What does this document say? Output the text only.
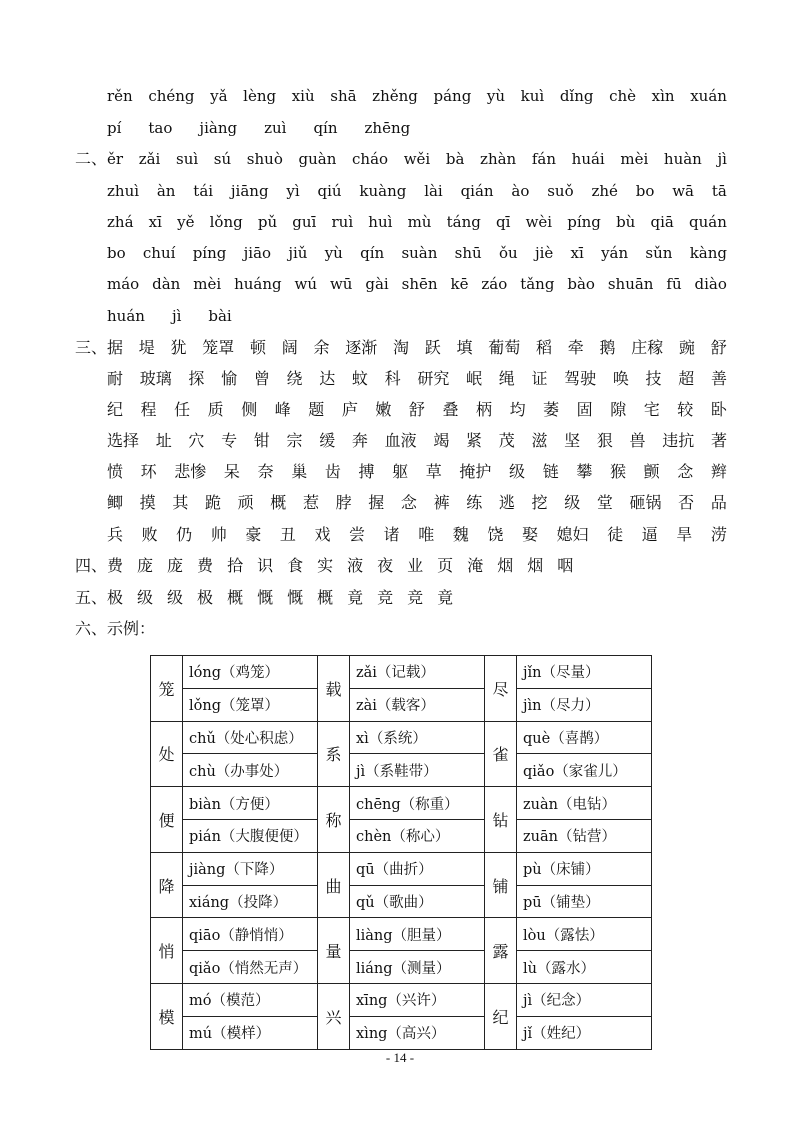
rěn chéng yǎ lèng xiù shā zhěng páng yù kuì dǐng chè xìn xuán
pí tao jiàng zuì qín zhēng
二、 ěr zǎi suì sú shuò guàn cháo wěi bà zhàn fán huái mèi huàn jì
zhuì àn tái jiāng yì qiú kuàng lài qián ào suǒ zhé bo wā tā
zhá xī yě lǒng pǔ guī ruì huì mù táng qī wèi píng bù qiā quán
bo chuí píng jiāo jiǔ yù qín suàn shū ǒu jiè xī yán sǔn kàng
máo dàn mèi huáng wú wū gài shēn kē záo tǎng bào shuān fū diào
huán jì bài
三、 据 堤 犹 笼罩 顿 阔 余 逐渐 淘 跃 填 葡萄 稻 牵 鹅 庄稼 豌 舒
耐 玻璃 探 愉 曾 绕 达 蚊 科 研究 岷 绳 证 驾驶 唤 技 超 善
纪 程 任 质 侧 峰 题 庐 嫩 舒 叠 柄 均 萎 固 隙 宅 较 卧
选择 址 穴 专 钳 宗 缓 奔 血液 竭 紧 茂 滋 坚 狠 兽 违抗 著
愤 环 悲惨 呆 奈 巢 齿 搏 躯 草 掩护 级 链 攀 猴 颤 念 辫
鲫 摸 其 跪 顽 概 惹 脖 握 念 裤 练 逃 挖 级 堂 砸锅 否 品
兵 败 仍 帅 豪 丑 戏 尝 诸 唯 魏 饶 娶 媳妇 徒 逼 旱 涝
四、 费 庞 庞 费 拾 识 食 实 液 夜 业 页 淹 烟 烟 咽
五、 极 级 级 极 概 慨 慨 概 竟 竞 竞 竟
六、 示例：
笼	lóng（鸡笼）	载	zǎi（记载）	尽	jǐn（尽量）
	lǒng（笼罩）		zài（载客）		jìn（尽力）
处	chǔ（处心积虑）	系	xì（系统）	雀	què（喜鹊）
	chù（办事处）		jì（系鞋带）		qiǎo（家雀儿）
便	biàn（方便）	称	chēng（称重）	钻	zuàn（电钻）
	pián（大腹便便）		chèn（称心）		zuān（钻营）
降	jiàng（下降）	曲	qū（曲折）	铺	pù（床铺）
	xiáng（投降）		qǔ（歌曲）		pū（铺垫）
悄	qiāo（静悄悄）	量	liàng（胆量）	露	lòu（露怯）
	qiǎo（悄然无声）		liáng（测量）		lù（露水）
模	mó（模范）	兴	xīng（兴许）	纪	jì（纪念）
	mú（模样）		xìng（高兴）		jǐ（姓纪）
- 14 -
